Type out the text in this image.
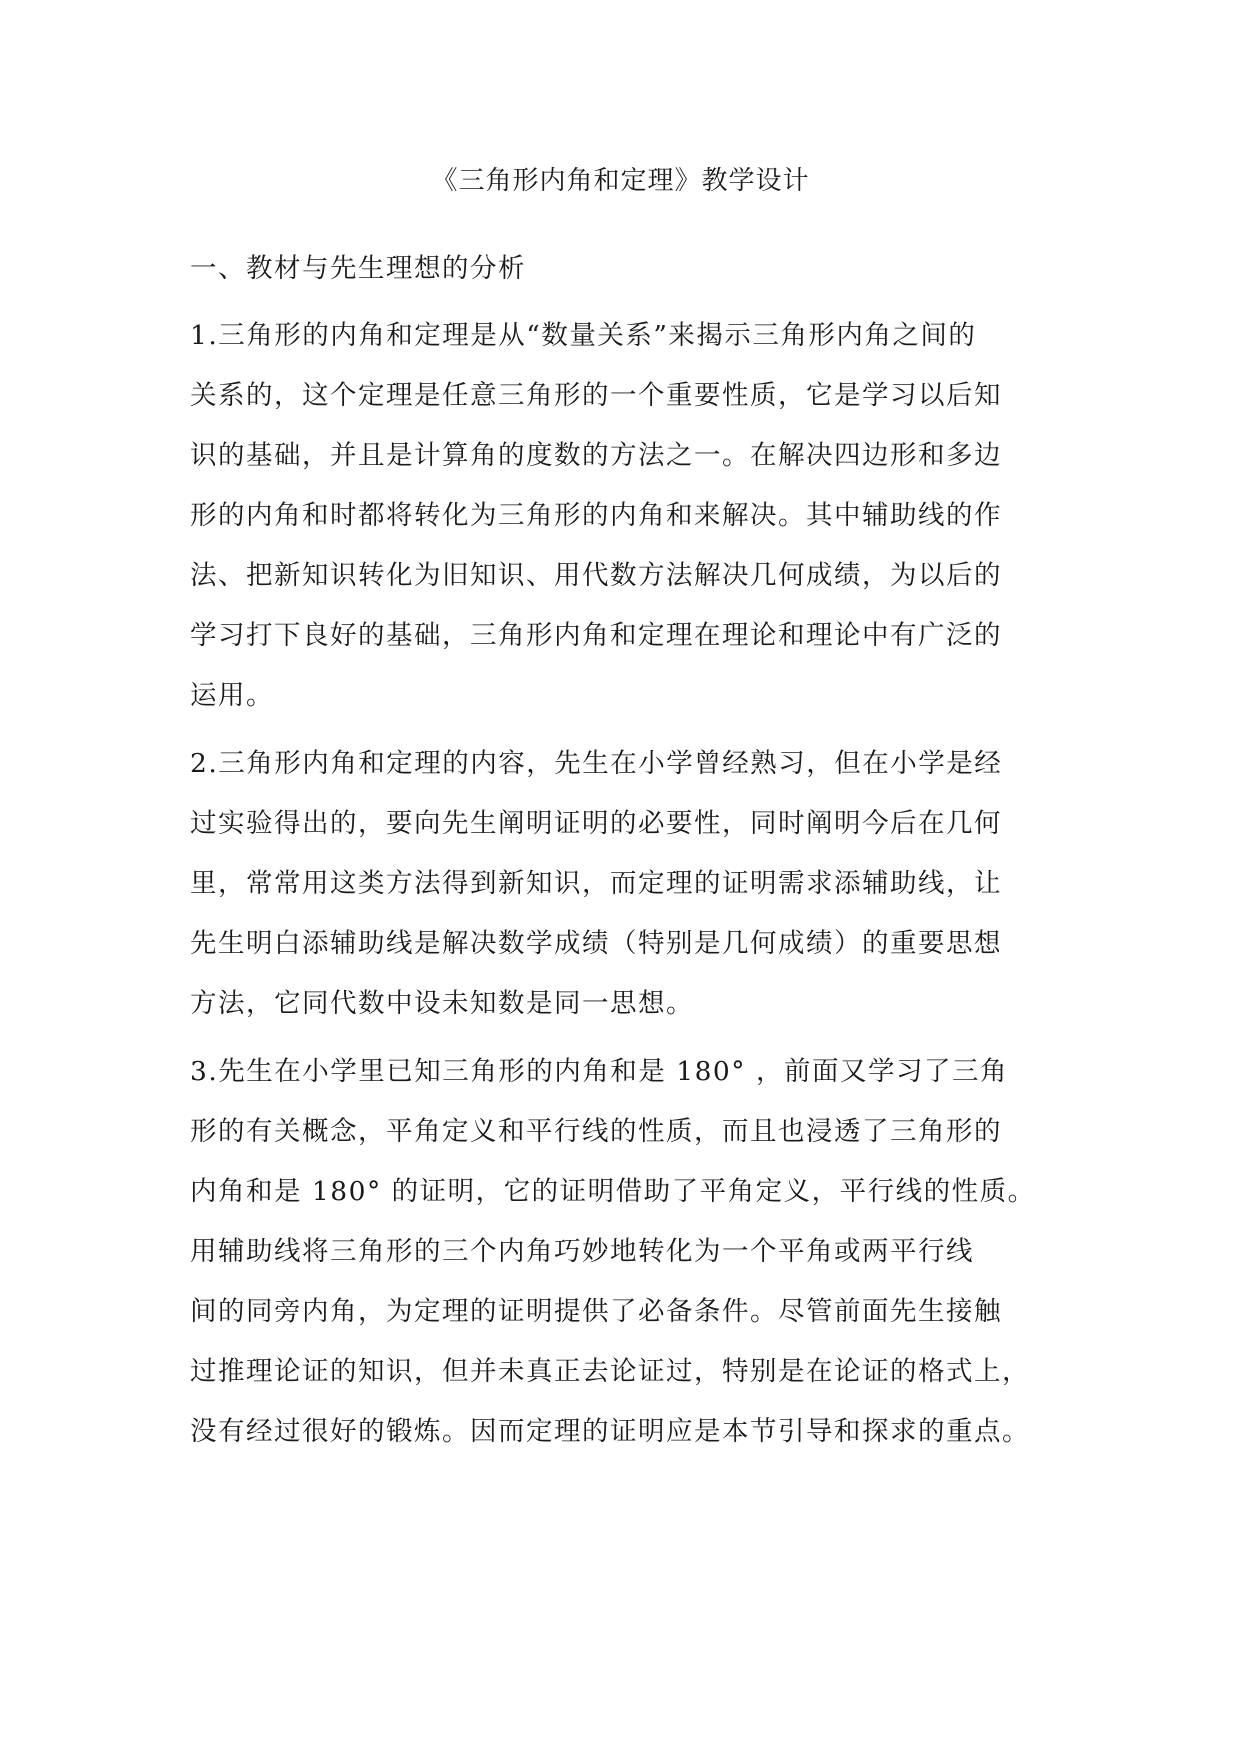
《三角形内角和定理》教学设计
一、教材与先生理想的分析
1.三角形的内角和定理是从“数量关系”来揭示三角形内角之间的
关系的，这个定理是任意三角形的一个重要性质，它是学习以后知
识的基础，并且是计算角的度数的方法之一。在解决四边形和多边
形的内角和时都将转化为三角形的内角和来解决。其中辅助线的作
法、把新知识转化为旧知识、用代数方法解决几何成绩，为以后的
学习打下良好的基础，三角形内角和定理在理论和理论中有广泛的
运用。
2.三角形内角和定理的内容，先生在小学曾经熟习，但在小学是经
过实验得出的，要向先生阐明证明的必要性，同时阐明今后在几何
里，常常用这类方法得到新知识，而定理的证明需求添辅助线，让
先生明白添辅助线是解决数学成绩（特别是几何成绩）的重要思想
方法，它同代数中设未知数是同一思想。
3.先生在小学里已知三角形的内角和是 180° ，前面又学习了三角
形的有关概念，平角定义和平行线的性质，而且也浸透了三角形的
内角和是 180° 的证明，它的证明借助了平角定义，平行线的性质。
用辅助线将三角形的三个内角巧妙地转化为一个平角或两平行线
间的同旁内角，为定理的证明提供了必备条件。尽管前面先生接触
过推理论证的知识，但并未真正去论证过，特别是在论证的格式上，
没有经过很好的锻炼。因而定理的证明应是本节引导和探求的重点。
